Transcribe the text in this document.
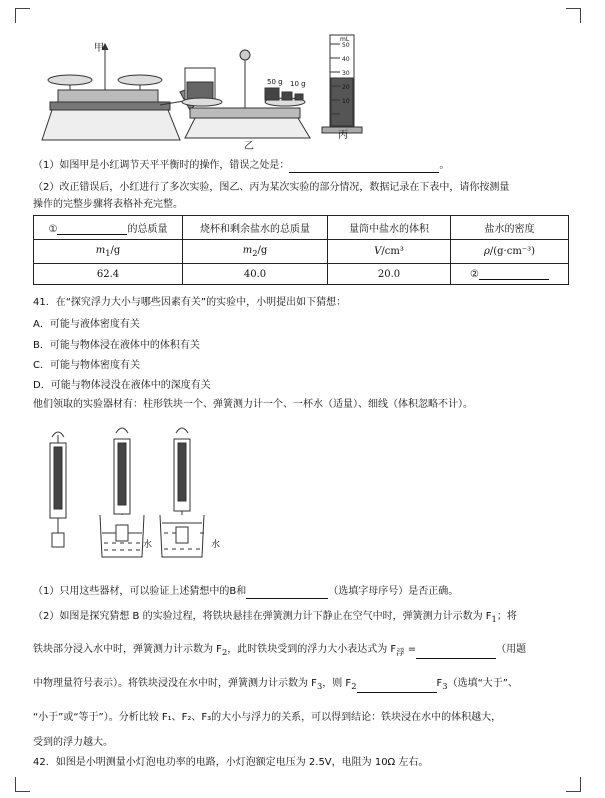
mL
50
40
30
20
10
50 g 10 g
甲
乙
丙
（1）如图甲是小红调节天平平衡时的操作，错误之处是：	。
（2）改正错误后，小红进行了多次实验，图乙、丙为某次实验的部分情况，数据记录在下表中，请你按测量
操作的完整步骤将表格补充完整。
① 的总质量	烧杯和剩余盐水的总质量	量筒中盐水的体积	盐水的密度
$m_1/g$	$m_2/g$	V/cm³	ρ/(g·cm⁻³)
62.4	40.0	20.0	②
41．在“探究浮力大小与哪些因素有关”的实验中，小明提出如下猜想：
A．可能与液体密度有关
B．可能与物体浸在液体中的体积有关
C．可能与物体密度有关
D．可能与物体浸没在液体中的深度有关
他们领取的实验器材有：柱形铁块一个、弹簧测力计一个、一杯水（适量）、细线（体积忽略不计）。
水	水
（1）只用这些器材，可以验证上述猜想中的B和	（选填字母序号）是否正确。
（2）如图是探究猜想 B 的实验过程，将铁块悬挂在弹簧测力计下静止在空气中时，弹簧测力计示数为 $F_1$；将
铁块部分浸入水中时，弹簧测力计示数为 $F_2$，此时铁块受到的浮力大小表达式为 $F_浮$ =	（用题
中物理量符号表示）。将铁块浸没在水中时，弹簧测力计示数为 $F_3$，则 $F_2$	$F_3$（选填“大于”、
“小于”或“等于”）。分析比较 F₁、F₂、F₃的大小与浮力的关系，可以得到结论：铁块浸在水中的体积越大，
受到的浮力越大。
42．如图是小明测量小灯泡电功率的电路，小灯泡额定电压为 2.5V，电阻为 10Ω 左右。
